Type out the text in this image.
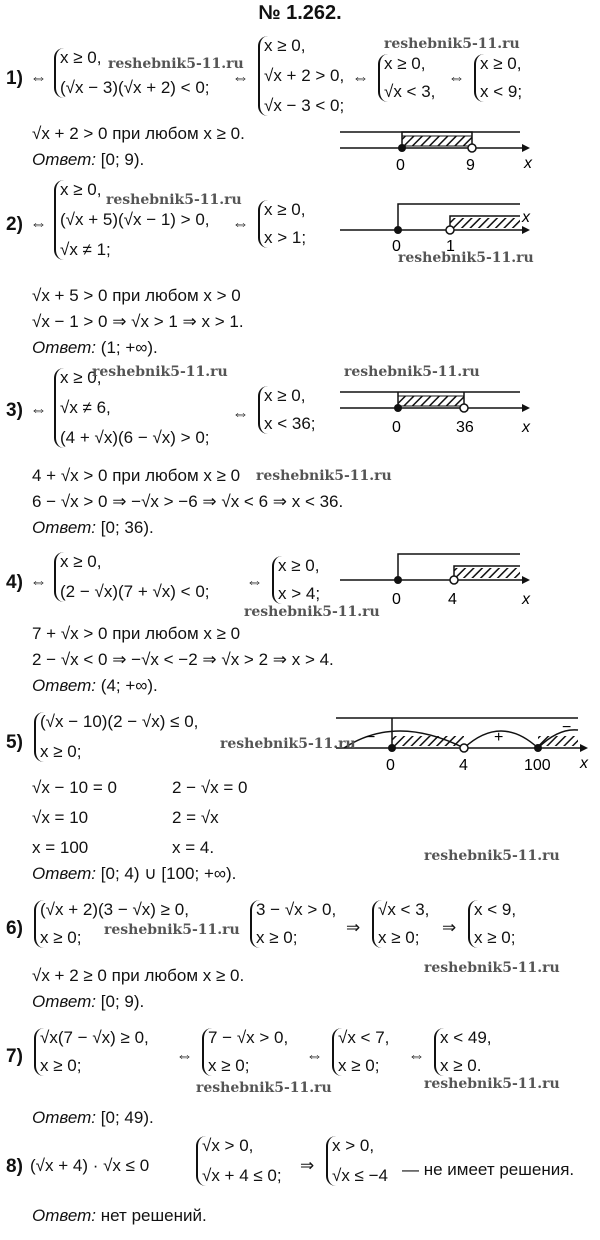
№ 1.262.
1) ⇔
x ≥ 0,
(√x − 3)(√x + 2) < 0;
⇔
x ≥ 0,
√x + 2 > 0,
√x − 3 < 0;
⇔
x ≥ 0,
√x < 3,
⇔
x ≥ 0,
x < 9;
√x + 2 > 0 при любом x ≥ 0.
Ответ: [0; 9).	0	9	x
2) ⇔
x ≥ 0,
(√x + 5)(√x − 1) > 0,
√x ≠ 1;
⇔
x ≥ 0,
x > 1;
√x + 5 > 0 при любом x > 0
√x − 1 > 0 ⇒ √x > 1 ⇒ x > 1.
Ответ: (1; +∞).
0	1
x
3) ⇔
x ≥ 0,
√x ≠ 6,
(4 + √x)(6 − √x) > 0;
⇔
x ≥ 0,
x < 36;
4 + √x > 0 при любом x ≥ 0
6 − √x > 0 ⇒ −√x > −6 ⇒ √x < 6 ⇒ x < 36.
Ответ: [0; 36).
0	36	x
4) ⇔
x ≥ 0,
(2 − √x)(7 + √x) < 0;
⇔
x ≥ 0,
x > 4;
7 + √x > 0 при любом x ≥ 0
2 − √x < 0 ⇒ −√x < −2 ⇒ √x > 2 ⇒ x > 4.
Ответ: (4; +∞).
0	4	x
5)
(√x − 10)(2 − √x) ≤ 0,
x ≥ 0;
√x − 10 = 0	2 − √x = 0
√x = 10	2 = √x
x = 100	x = 4.
Ответ: [0; 4) ∪ [100; +∞).
−	+
−
0	4	100 x
6)
(√x + 2)(3 − √x) ≥ 0,
x ≥ 0;
3 − √x > 0,
x ≥ 0;
⇒
√x < 3,
x ≥ 0;
⇒
x < 9,
x ≥ 0;
√x + 2 ≥ 0 при любом x ≥ 0.
Ответ: [0; 9).
7)
√x(7 − √x) ≥ 0,
x ≥ 0;
⇔
7 − √x > 0,
x ≥ 0;
⇔
√x < 7,
x ≥ 0;
⇔
x < 49,
x ≥ 0.
Ответ: [0; 49).
8) (√x + 4) · √x ≤ 0
√x > 0,
√x + 4 ≤ 0;
⇒
x > 0,
√x ≤ −4 — не имеет решения.
Ответ: нет решений.
reshebnik5-11.ru
reshebnik5-11.ru
reshebnik5-11.ru
reshebnik5-11.ru
reshebnik5-11.ru	reshebnik5-11.ru
reshebnik5-11.ru
reshebnik5-11.ru
reshebnik5-11.ru
reshebnik5-11.ru
reshebnik5-11.ru
reshebnik5-11.ru
reshebnik5-11.ru	reshebnik5-11.ru
